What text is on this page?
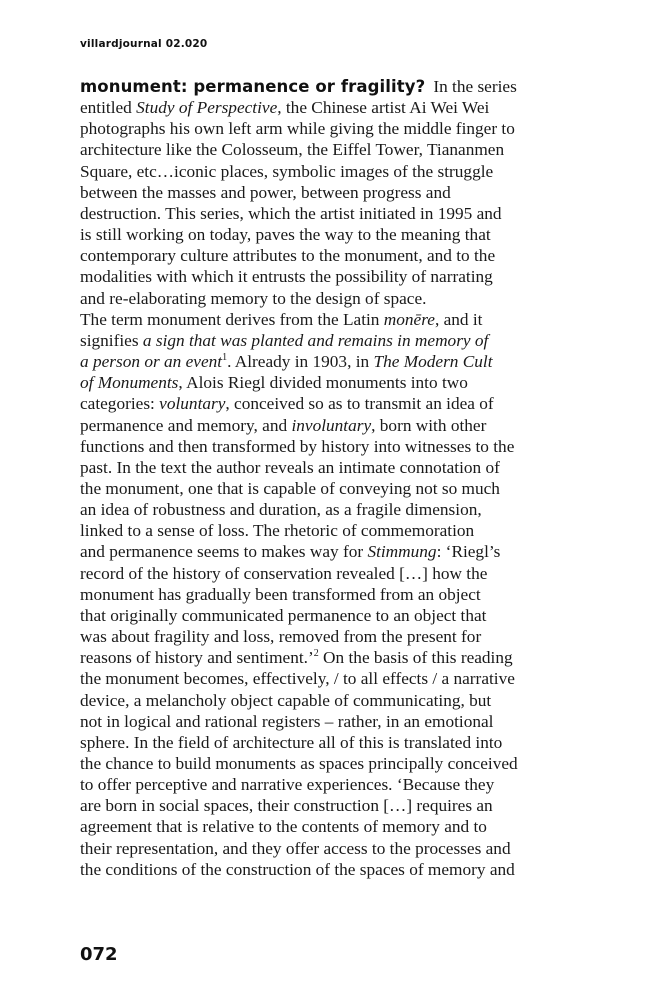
villardjournal 02.020
monument: permanence or fragility? In the series
entitled Study of Perspective, the Chinese artist Ai Wei Wei
photographs his own left arm while giving the middle finger to
architecture like the Colosseum, the Eiffel Tower, Tiananmen
Square, etc…iconic places, symbolic images of the struggle
between the masses and power, between progress and
destruction. This series, which the artist initiated in 1995 and
is still working on today, paves the way to the meaning that
contemporary culture attributes to the monument, and to the
modalities with which it entrusts the possibility of narrating
and re-elaborating memory to the design of space.
The term monument derives from the Latin monēre, and it
signifies a sign that was planted and remains in memory of
a person or an event$^1$. Already in 1903, in The Modern Cult
of Monuments, Alois Riegl divided monuments into two
categories: voluntary, conceived so as to transmit an idea of
permanence and memory, and involuntary, born with other
functions and then transformed by history into witnesses to the
past. In the text the author reveals an intimate connotation of
the monument, one that is capable of conveying not so much
an idea of robustness and duration, as a fragile dimension,
linked to a sense of loss. The rhetoric of commemoration
and permanence seems to makes way for Stimmung: ‘Riegl’s
record of the history of conservation revealed […] how the
monument has gradually been transformed from an object
that originally communicated permanence to an object that
was about fragility and loss, removed from the present for
reasons of history and sentiment.’$^2$ On the basis of this reading
the monument becomes, effectively, / to all effects / a narrative
device, a melancholy object capable of communicating, but
not in logical and rational registers – rather, in an emotional
sphere. In the field of architecture all of this is translated into
the chance to build monuments as spaces principally conceived
to offer perceptive and narrative experiences. ‘Because they
are born in social spaces, their construction […] requires an
agreement that is relative to the contents of memory and to
their representation, and they offer access to the processes and
the conditions of the construction of the spaces of memory and
072
